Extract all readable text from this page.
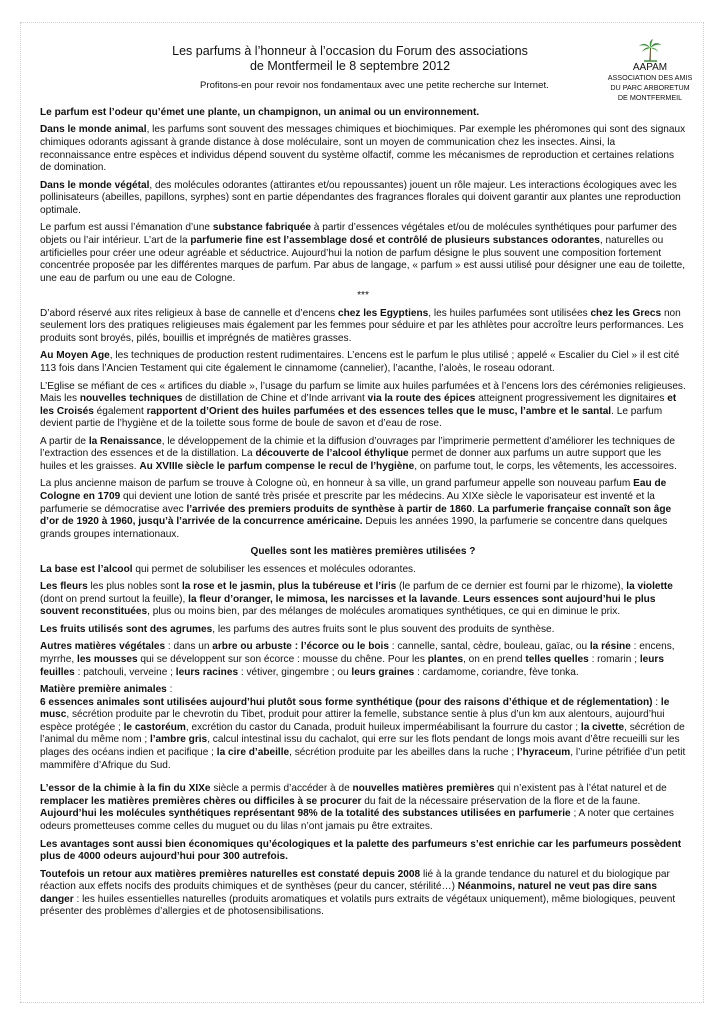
Les parfums à l’honneur à l’occasion du Forum des associations
de Montfermeil le 8 septembre 2012
Profitons-en pour revoir nos fondamentaux avec une petite recherche sur Internet.
AAPAM
ASSOCIATION DES AMIS
DU PARC ARBORETUM
DE MONTFERMEIL

Le parfum est l’odeur qu’émet une plante, un champignon, un animal ou un environnement.

Dans le monde animal, les parfums sont souvent des messages chimiques et biochimiques. Par exemple les phéromones qui sont des signaux chimiques odorants agissant à grande distance à dose moléculaire, sont un moyen de communication chez les insectes. Ainsi, la reconnaissance entre espèces et individus dépend souvent du système olfactif, comme les mécanismes de reproduction et certaines relations de domination.

Dans le monde végétal, des molécules odorantes (attirantes et/ou repoussantes) jouent un rôle majeur. Les interactions écologiques avec les pollinisateurs (abeilles, papillons, syrphes) sont en partie dépendantes des fragrances florales qui doivent garantir aux plantes une reproduction optimale.

Le parfum est aussi l’émanation d’une substance fabriquée à partir d’essences végétales et/ou de molécules synthétiques pour parfumer des objets ou l’air intérieur. L’art de la parfumerie fine est l’assemblage dosé et contrôlé de plusieurs substances odorantes, naturelles ou artificielles pour créer une odeur agréable et séductrice. Aujourd’hui la notion de parfum désigne le plus souvent une composition fortement concentrée proposée par les différentes marques de parfum. Par abus de langage, « parfum » est aussi utilisé pour désigner une eau de toilette, une eau de parfum ou une eau de Cologne.

***

D’abord réservé aux rites religieux à base de cannelle et d’encens chez les Egyptiens, les huiles parfumées sont utilisées chez les Grecs non seulement lors des pratiques religieuses mais également par les femmes pour séduire et par les athlètes pour accroître leurs performances. Les produits sont broyés, pilés, bouillis et imprégnés de matières grasses.

Au Moyen Age, les techniques de production restent rudimentaires. L’encens est le parfum le plus utilisé ; appelé « Escalier du Ciel » il est cité 113 fois dans l’Ancien Testament qui cite également le cinnamome (cannelier), l’acanthe, l’aloès, le roseau odorant.

L’Eglise se méfiant de ces « artifices du diable », l’usage du parfum se limite aux huiles parfumées et à l’encens lors des cérémonies religieuses. Mais les nouvelles techniques de distillation de Chine et d’Inde arrivant via la route des épices atteignent progressivement les dignitaires et les Croisés également rapportent d’Orient des huiles parfumées et des essences telles que le musc, l’ambre et le santal. Le parfum devient partie de l’hygiène et de la toilette sous forme de boule de savon et d’eau de rose.

A partir de la Renaissance, le développement de la chimie et la diffusion d’ouvrages par l’imprimerie permettent d’améliorer les techniques de l’extraction des essences et de la distillation. La découverte de l’alcool éthylique permet de donner aux parfums un autre support que les huiles et les graisses. Au XVIIIe siècle le parfum compense le recul de l’hygiène, on parfume tout, le corps, les vêtements, les accessoires.

La plus ancienne maison de parfum se trouve à Cologne où, en honneur à sa ville, un grand parfumeur appelle son nouveau parfum Eau de Cologne en 1709 qui devient une lotion de santé très prisée et prescrite par les médecins. Au XIXe siècle le vaporisateur est inventé et la parfumerie se démocratise avec l’arrivée des premiers produits de synthèse à partir de 1860. La parfumerie française connaît son âge d’or de 1920 à 1960, jusqu’à l’arrivée de la concurrence américaine. Depuis les années 1990, la parfumerie se concentre dans quelques grands groupes internationaux.

Quelles sont les matières premières utilisées ?

La base est l’alcool qui permet de solubiliser les essences et molécules odorantes.

Les fleurs les plus nobles sont la rose et le jasmin, plus la tubéreuse et l’iris (le parfum de ce dernier est fourni par le rhizome), la violette (dont on prend surtout la feuille), la fleur d’oranger, le mimosa, les narcisses et la lavande. Leurs essences sont aujourd’hui le plus souvent reconstituées, plus ou moins bien, par des mélanges de molécules aromatiques synthétiques, ce qui en diminue le prix.

Les fruits utilisés sont des agrumes, les parfums des autres fruits sont le plus souvent des produits de synthèse.

Autres matières végétales : dans un arbre ou arbuste : l’écorce ou le bois : cannelle, santal, cèdre, bouleau, gaïac, ou la résine : encens, myrrhe, les mousses qui se développent sur son écorce : mousse du chêne. Pour les plantes, on en prend telles quelles : romarin ; leurs feuilles : patchouli, verveine ; leurs racines : vétiver, gingembre ; ou leurs graines : cardamome, coriandre, fève tonka.

Matière première animales :
6 essences animales sont utilisées aujourd’hui plutôt sous forme synthétique (pour des raisons d’éthique et de réglementation) : le musc, sécrétion produite par le chevrotin du Tibet, produit pour attirer la femelle, substance sentie à plus d’un km aux alentours, aujourd’hui espèce protégée ; le castoréum, excrétion du castor du Canada, produit huileux imperméabilisant la fourrure du castor ; la civette, sécrétion de l’animal du même nom ; l’ambre gris, calcul intestinal issu du cachalot, qui erre sur les flots pendant de longs mois avant d’être recueilli sur les plages des océans indien et pacifique ; la cire d’abeille, sécrétion produite par les abeilles dans la ruche ; l’hyraceum, l’urine pétrifiée d’un petit mammifère d’Afrique du Sud.

L’essor de la chimie à la fin du XIXe siècle a permis d’accéder à de nouvelles matières premières qui n’existent pas à l’état naturel et de remplacer les matières premières chères ou difficiles à se procurer du fait de la nécessaire préservation de la flore et de la faune. Aujourd’hui les molécules synthétiques représentant 98% de la totalité des substances utilisées en parfumerie ; A noter que certaines odeurs prometteuses comme celles du muguet ou du lilas n’ont jamais pu être extraites.

Les avantages sont aussi bien économiques qu’écologiques et la palette des parfumeurs s’est enrichie car les parfumeurs possèdent plus de 4000 odeurs aujourd’hui pour 300 autrefois.

Toutefois un retour aux matières premières naturelles est constaté depuis 2008 lié à la grande tendance du naturel et du biologique par réaction aux effets nocifs des produits chimiques et de synthèses (peur du cancer, stérilité…) Néanmoins, naturel ne veut pas dire sans danger : les huiles essentielles naturelles (produits aromatiques et volatils purs extraits de végétaux uniquement), même biologiques, peuvent présenter des problèmes d’allergies et de photosensibilisations.
